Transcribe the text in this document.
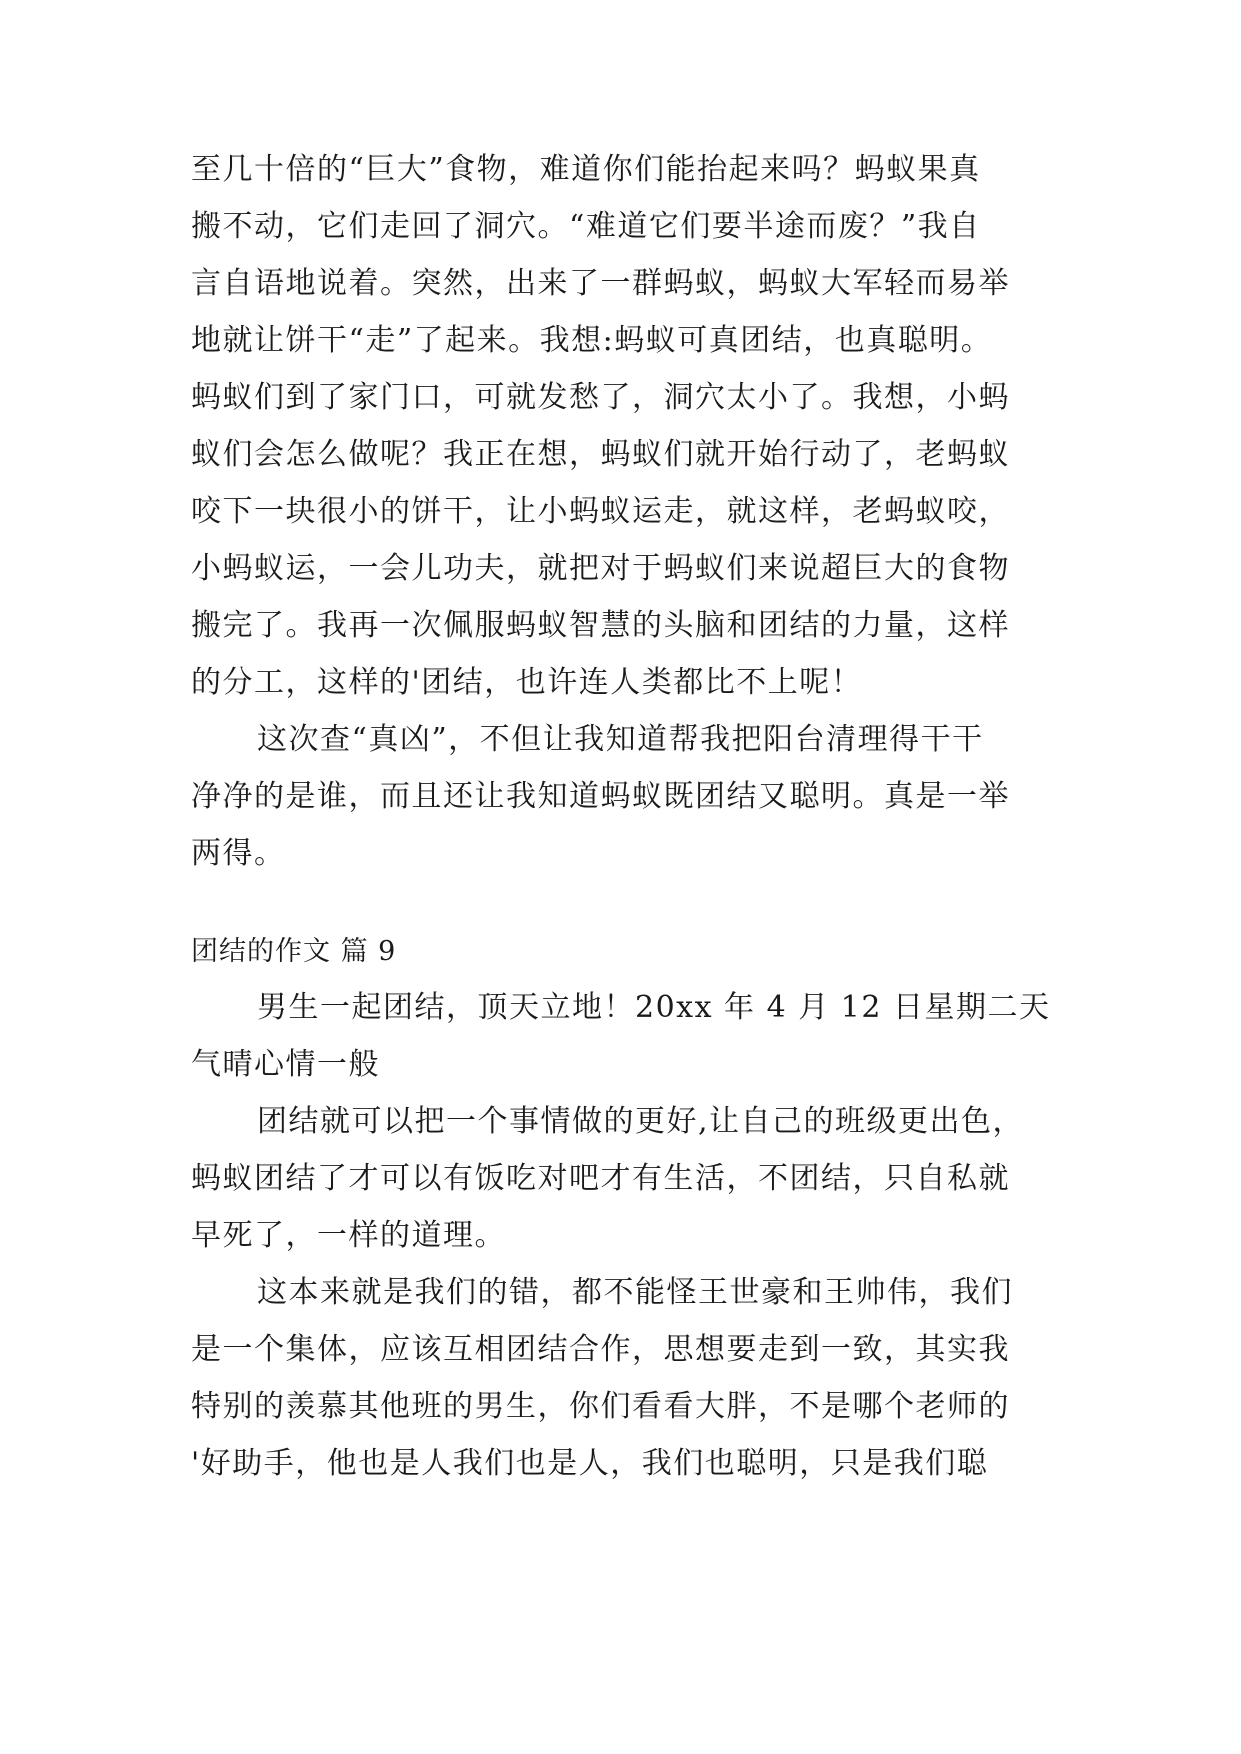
至几十倍的“巨大”食物，难道你们能抬起来吗？蚂蚁果真
搬不动，它们走回了洞穴。“难道它们要半途而废？”我自
言自语地说着。突然，出来了一群蚂蚁，蚂蚁大军轻而易举
地就让饼干“走”了起来。我想:蚂蚁可真团结，也真聪明。
蚂蚁们到了家门口，可就发愁了，洞穴太小了。我想，小蚂
蚁们会怎么做呢？我正在想，蚂蚁们就开始行动了，老蚂蚁
咬下一块很小的饼干，让小蚂蚁运走，就这样，老蚂蚁咬，
小蚂蚁运，一会儿功夫，就把对于蚂蚁们来说超巨大的食物
搬完了。我再一次佩服蚂蚁智慧的头脑和团结的力量，这样
的分工，这样的'团结，也许连人类都比不上呢！
这次查“真凶”，不但让我知道帮我把阳台清理得干干
净净的是谁，而且还让我知道蚂蚁既团结又聪明。真是一举
两得。
团结的作文 篇 9
男生一起团结，顶天立地！20xx 年 4 月 12 日星期二天
气晴心情一般
团结就可以把一个事情做的更好,让自己的班级更出色，
蚂蚁团结了才可以有饭吃对吧才有生活，不团结，只自私就
早死了，一样的道理。
这本来就是我们的错，都不能怪王世豪和王帅伟，我们
是一个集体，应该互相团结合作，思想要走到一致，其实我
特别的羡慕其他班的男生，你们看看大胖，不是哪个老师的
'好助手，他也是人我们也是人，我们也聪明，只是我们聪
